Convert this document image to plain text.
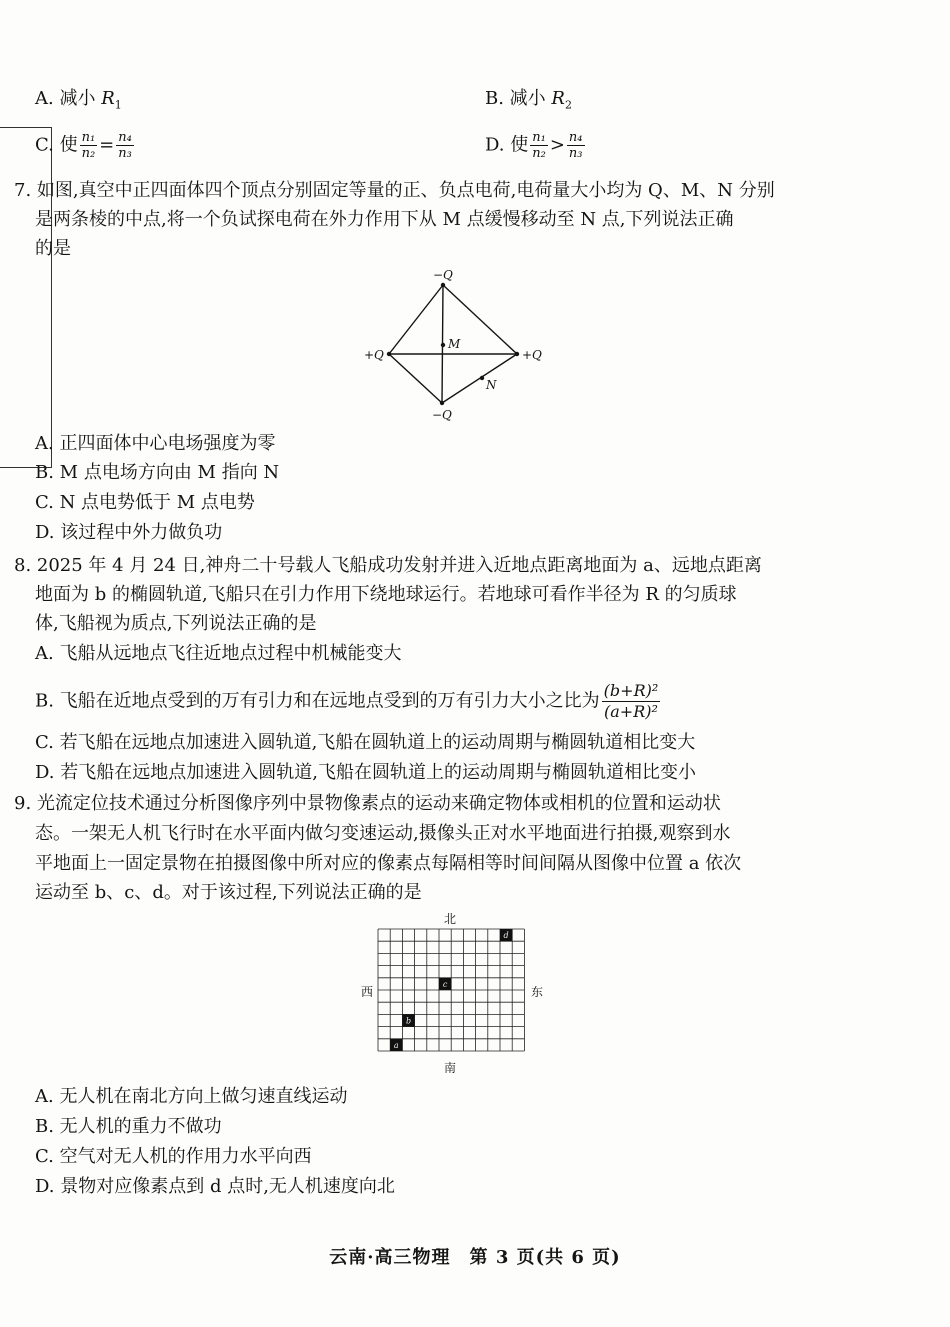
A. 减小 $R_1$	B. 减小 $R_2$
C. 使 $\frac{\text{n₁}}{\text{n₂}} = \frac{\text{n₄}}{\text{n₃}}$	D. 使 $\frac{\text{n₁}}{\text{n₂}} > \frac{\text{n₄}}{\text{n₃}}$
7. 如图,真空中正四面体四个顶点分别固定等量的正、负点电荷,电荷量大小均为 Q、M、N 分别
是两条棱的中点,将一个负试探电荷在外力作用下从 M 点缓慢移动至 N 点,下列说法正确
的是
−Q
−Q
+Q	+Q
M
N
A. 正四面体中心电场强度为零
B. M 点电场方向由 M 指向 N
C. N 点电势低于 M 点电势
D. 该过程中外力做负功
8. 2025 年 4 月 24 日,神舟二十号载人飞船成功发射并进入近地点距离地面为 a、远地点距离
地面为 b 的椭圆轨道,飞船只在引力作用下绕地球运行。若地球可看作半径为 R 的匀质球
体,飞船视为质点,下列说法正确的是
A. 飞船从远地点飞往近地点过程中机械能变大
B. 飞船在近地点受到的万有引力和在远地点受到的万有引力大小之比为 $\frac{\text{(b+R)²}}{\text{(a+R)²}}$
C. 若飞船在远地点加速进入圆轨道,飞船在圆轨道上的运动周期与椭圆轨道相比变大
D. 若飞船在远地点加速进入圆轨道,飞船在圆轨道上的运动周期与椭圆轨道相比变小
9. 光流定位技术通过分析图像序列中景物像素点的运动来确定物体或相机的位置和运动状
态。一架无人机飞行时在水平面内做匀变速运动,摄像头正对水平地面进行拍摄,观察到水
平地面上一固定景物在拍摄图像中所对应的像素点每隔相等时间间隔从图像中位置 a 依次
运动至 b、c、d。对于该过程,下列说法正确的是
a
b
c
d
北
南
西	东
A. 无人机在南北方向上做匀速直线运动
B. 无人机的重力不做功
C. 空气对无人机的作用力水平向西
D. 景物对应像素点到 d 点时,无人机速度向北
云南·高三物理　第 3 页(共 6 页)
